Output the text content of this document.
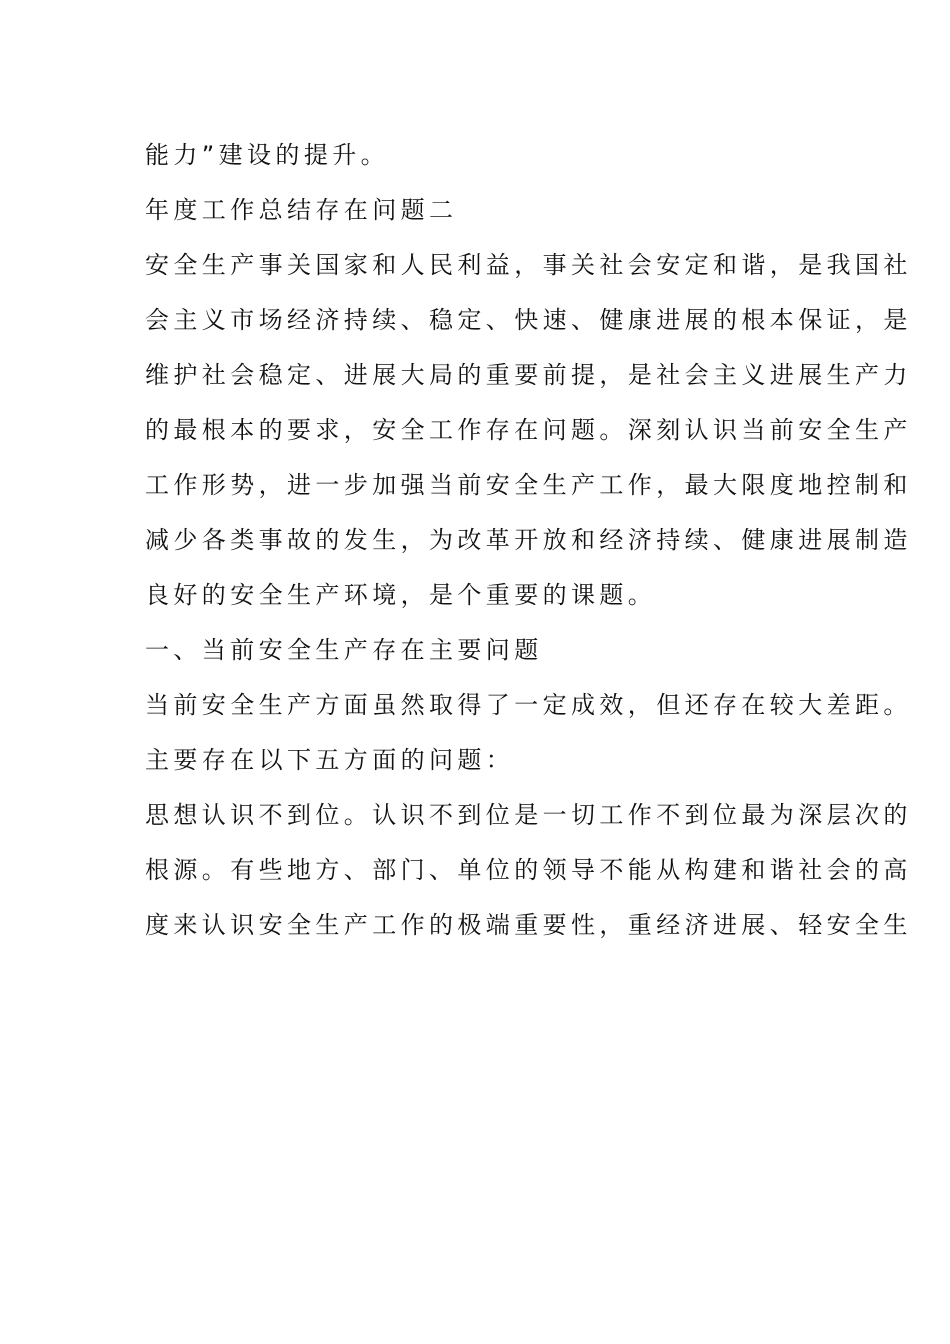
能力”建设的提升。
年度工作总结存在问题二
安全生产事关国家和人民利益，事关社会安定和谐，是我国社
会主义市场经济持续、稳定、快速、健康进展的根本保证，是
维护社会稳定、进展大局的重要前提，是社会主义进展生产力
的最根本的要求，安全工作存在问题。深刻认识当前安全生产
工作形势，进一步加强当前安全生产工作，最大限度地控制和
减少各类事故的发生，为改革开放和经济持续、健康进展制造
良好的安全生产环境，是个重要的课题。
一、当前安全生产存在主要问题
当前安全生产方面虽然取得了一定成效，但还存在较大差距。
主要存在以下五方面的问题：
思想认识不到位。认识不到位是一切工作不到位最为深层次的
根源。有些地方、部门、单位的领导不能从构建和谐社会的高
度来认识安全生产工作的极端重要性，重经济进展、轻安全生
